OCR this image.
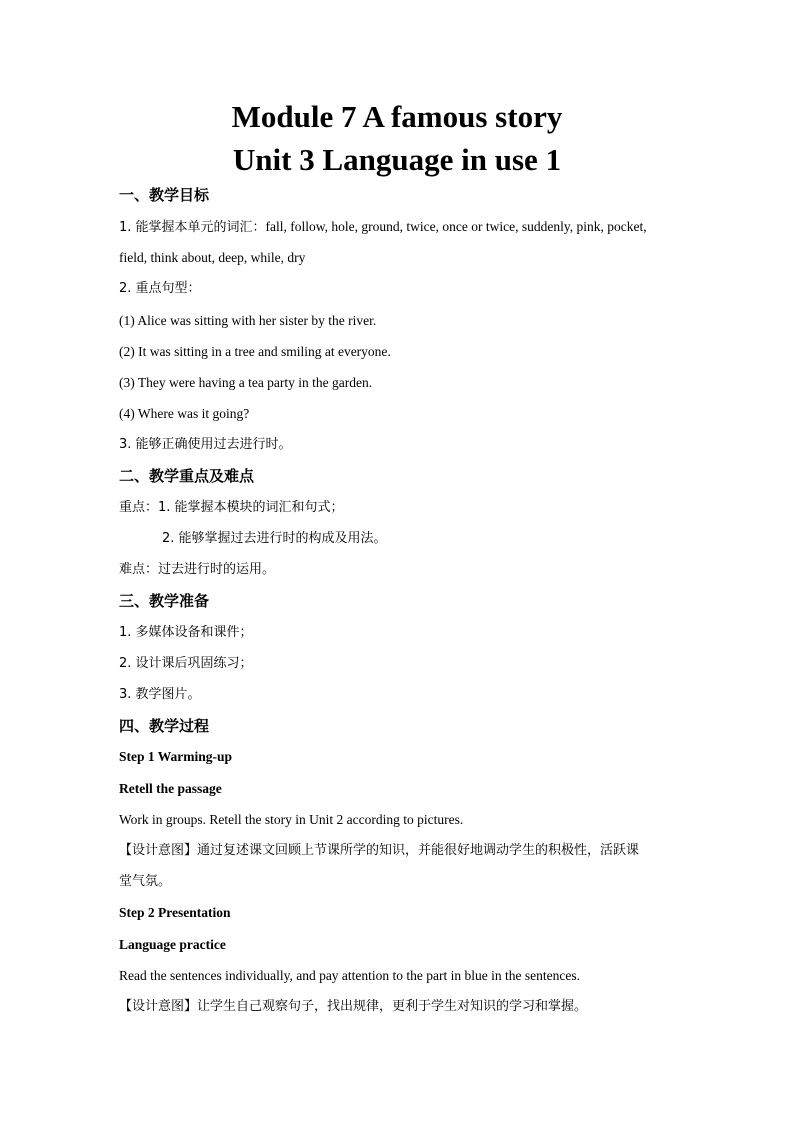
Module 7 A famous story
Unit 3 Language in use 1
一、教学目标
1. 能掌握本单元的词汇：fall, follow, hole, ground, twice, once or twice, suddenly, pink, pocket,
field, think about, deep, while, dry
2. 重点句型：
(1) Alice was sitting with her sister by the river.
(2) It was sitting in a tree and smiling at everyone.
(3) They were having a tea party in the garden.
(4) Where was it going?
3. 能够正确使用过去进行时。
二、教学重点及难点
重点：1. 能掌握本模块的词汇和句式；
2. 能够掌握过去进行时的构成及用法。
难点：过去进行时的运用。
三、教学准备
1. 多媒体设备和课件；
2. 设计课后巩固练习；
3. 教学图片。
四、教学过程
Step 1 Warming-up
Retell the passage
Work in groups. Retell the story in Unit 2 according to pictures.
【设计意图】通过复述课文回顾上节课所学的知识，并能很好地调动学生的积极性，活跃课
堂气氛。
Step 2 Presentation
Language practice
Read the sentences individually, and pay attention to the part in blue in the sentences.
【设计意图】让学生自己观察句子，找出规律，更利于学生对知识的学习和掌握。
